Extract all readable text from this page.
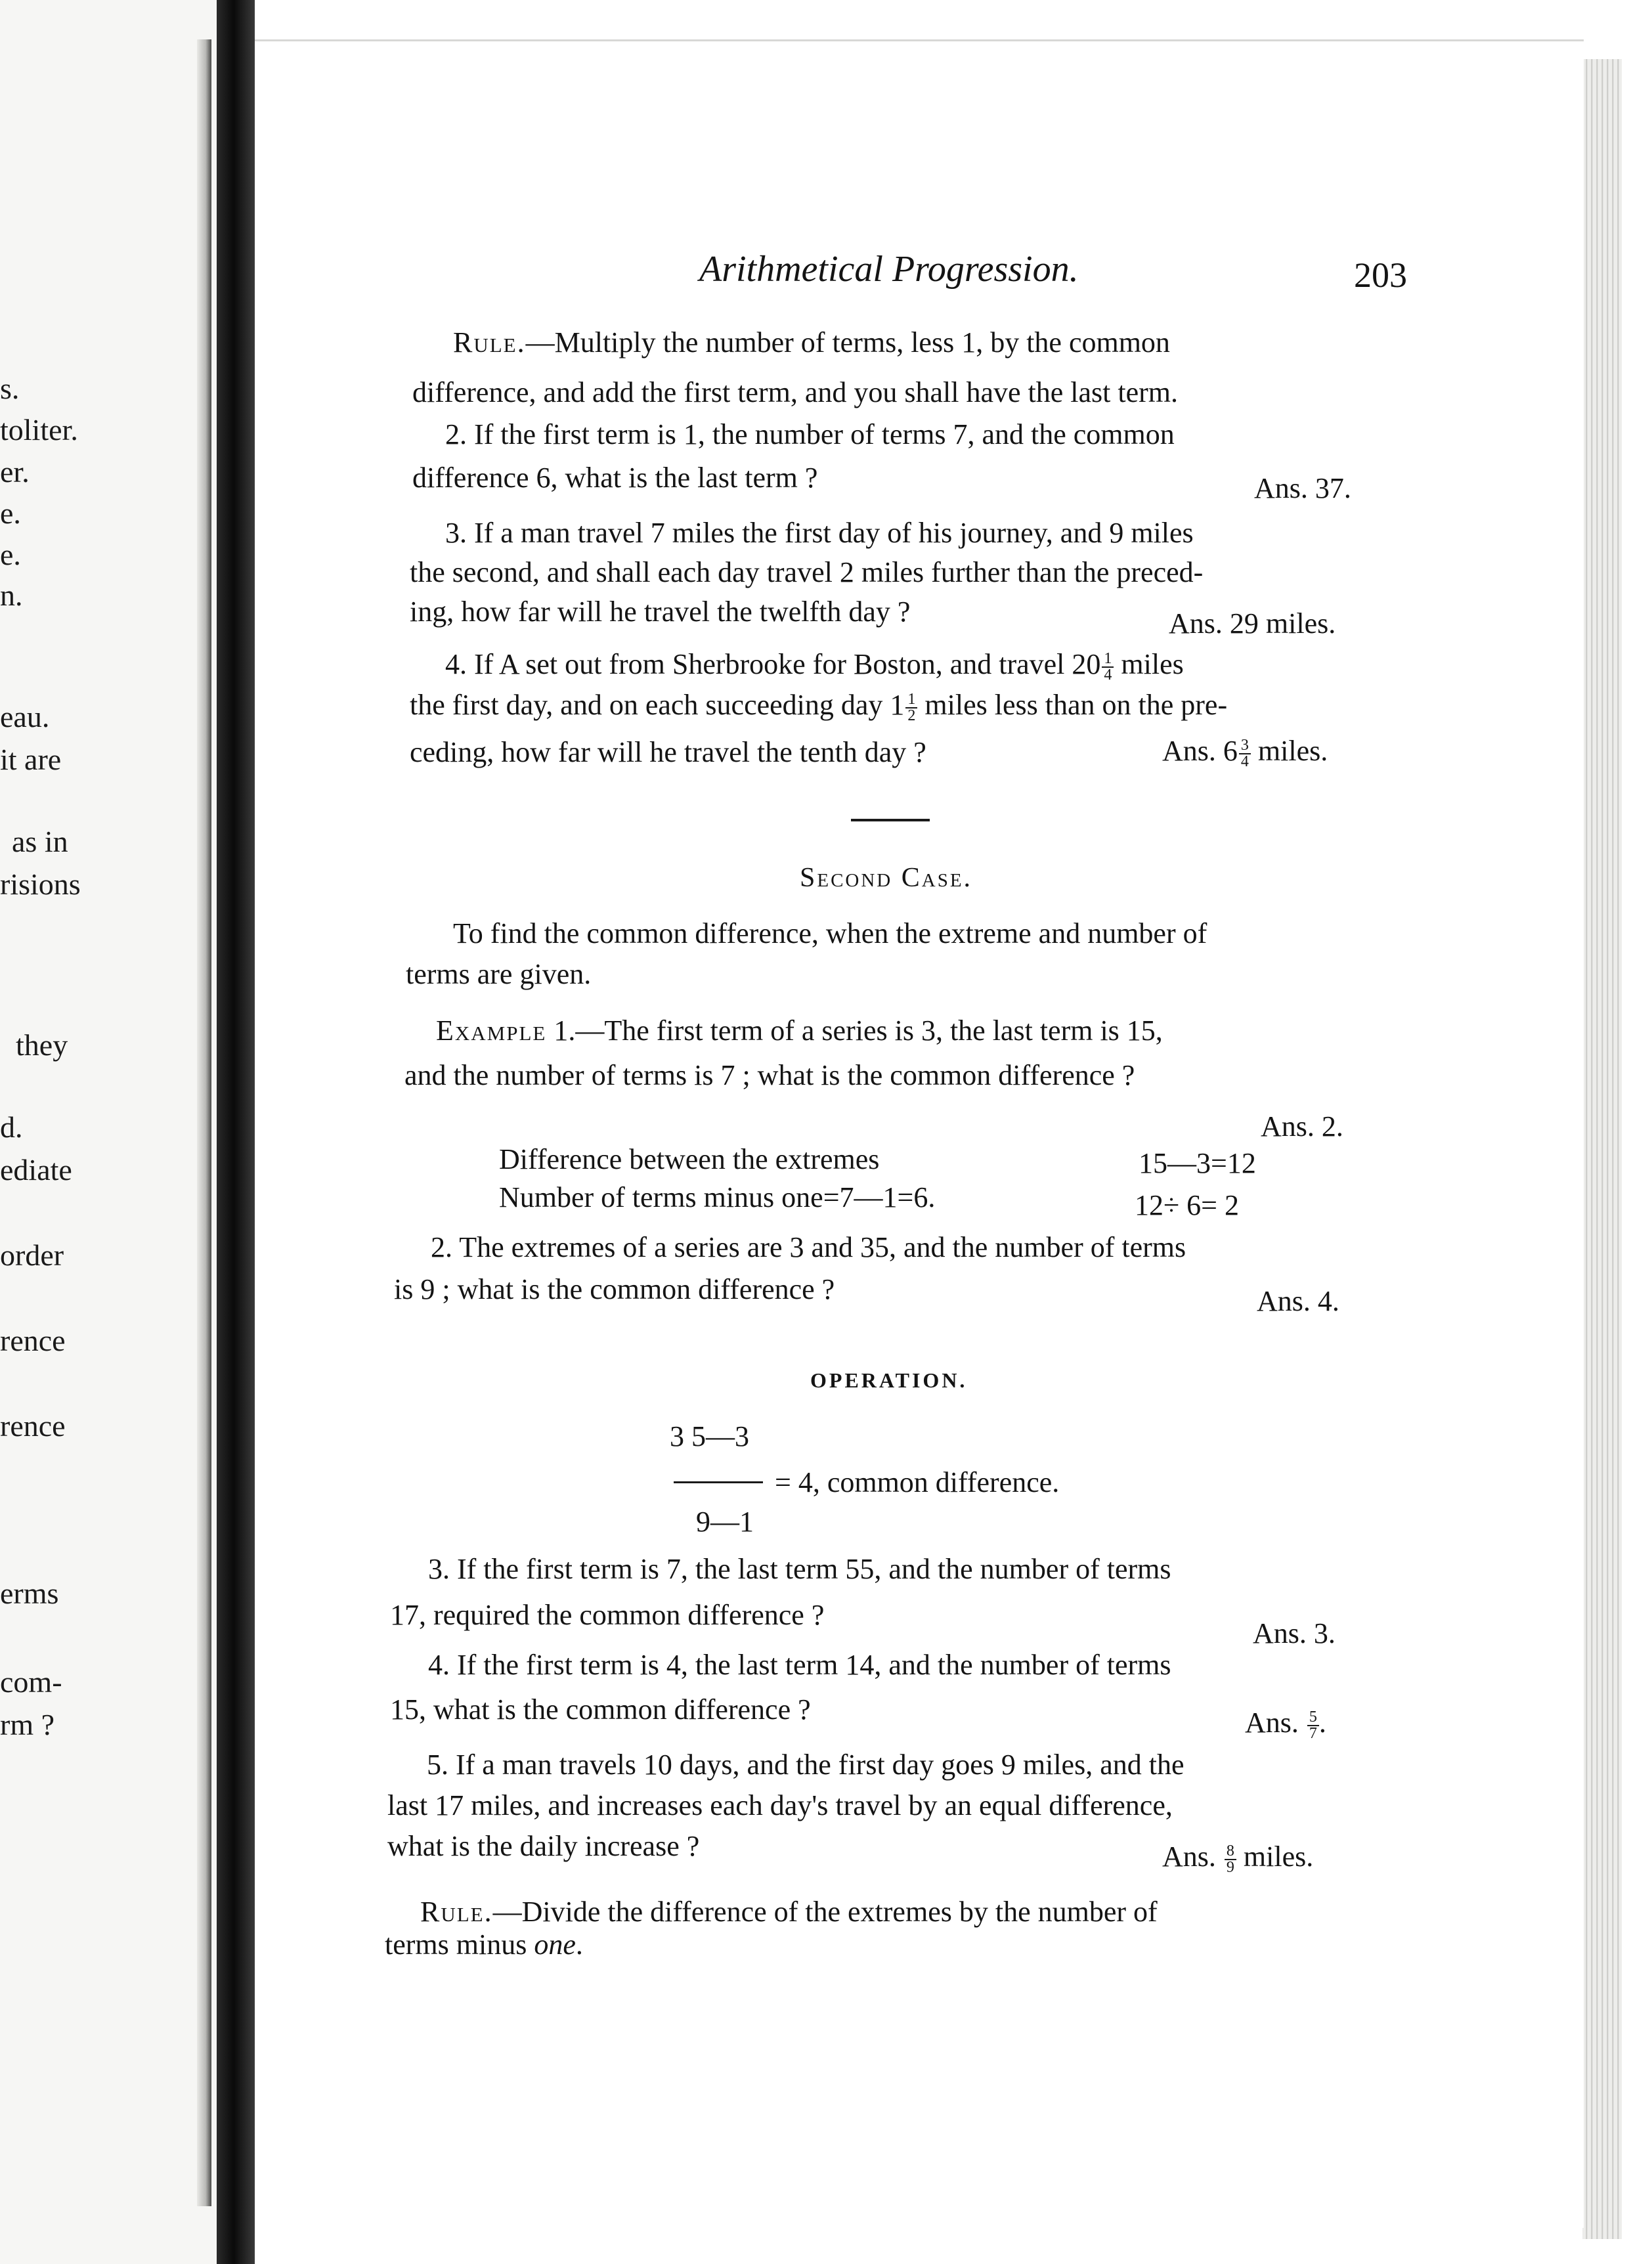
s.
toliter.
er.
e.
e.
n.
eau.
it are
as in
risions
they
d.
ediate
order
rence
rence
erms
com-
rm ?
Arithmetical Progression.	203
Rule.—Multiply the number of terms, less 1, by the common
difference, and add the first term, and you shall have the last term.
2. If the first term is 1, the number of terms 7, and the common
difference 6, what is the last term ?	Ans. 37.
3. If a man travel 7 miles the first day of his journey, and 9 miles
the second, and shall each day travel 2 miles further than the preced-
ing, how far will he travel the twelfth day ?	Ans. 29 miles.
4. If A set out from Sherbrooke for Boston, and travel $20 \frac{1}{4}$ miles
the first day, and on each succeeding day $1 \frac{1}{2}$ miles less than on the pre-
ceding, how far will he travel the tenth day ?	Ans. $6 \frac{3}{4}$ miles.
Second Case.
To find the common difference, when the extreme and number of
terms are given.
Example 1.—The first term of a series is 3, the last term is 15,
and the number of terms is 7 ; what is the common difference ?
Ans. 2.
Difference between the extremes	15—3=12
Number of terms minus one=7—1=6.	12÷ 6= 2
2. The extremes of a series are 3 and 35, and the number of terms
is 9 ; what is the common difference ?	Ans. 4.
OPERATION.
3 5—3
= 4, common difference.
9—1
3. If the first term is 7, the last term 55, and the number of terms
17, required the common difference ?
Ans. 3.
4. If the first term is 4, the last term 14, and the number of terms
15, what is the common difference ?	Ans. $\frac{5}{7}$ .
5. If a man travels 10 days, and the first day goes 9 miles, and the
last 17 miles, and increases each day's travel by an equal difference,
what is the daily increase ?	Ans. $\frac{8}{9}$ miles.
Rule.—Divide the difference of the extremes by the number of
terms minus one.
